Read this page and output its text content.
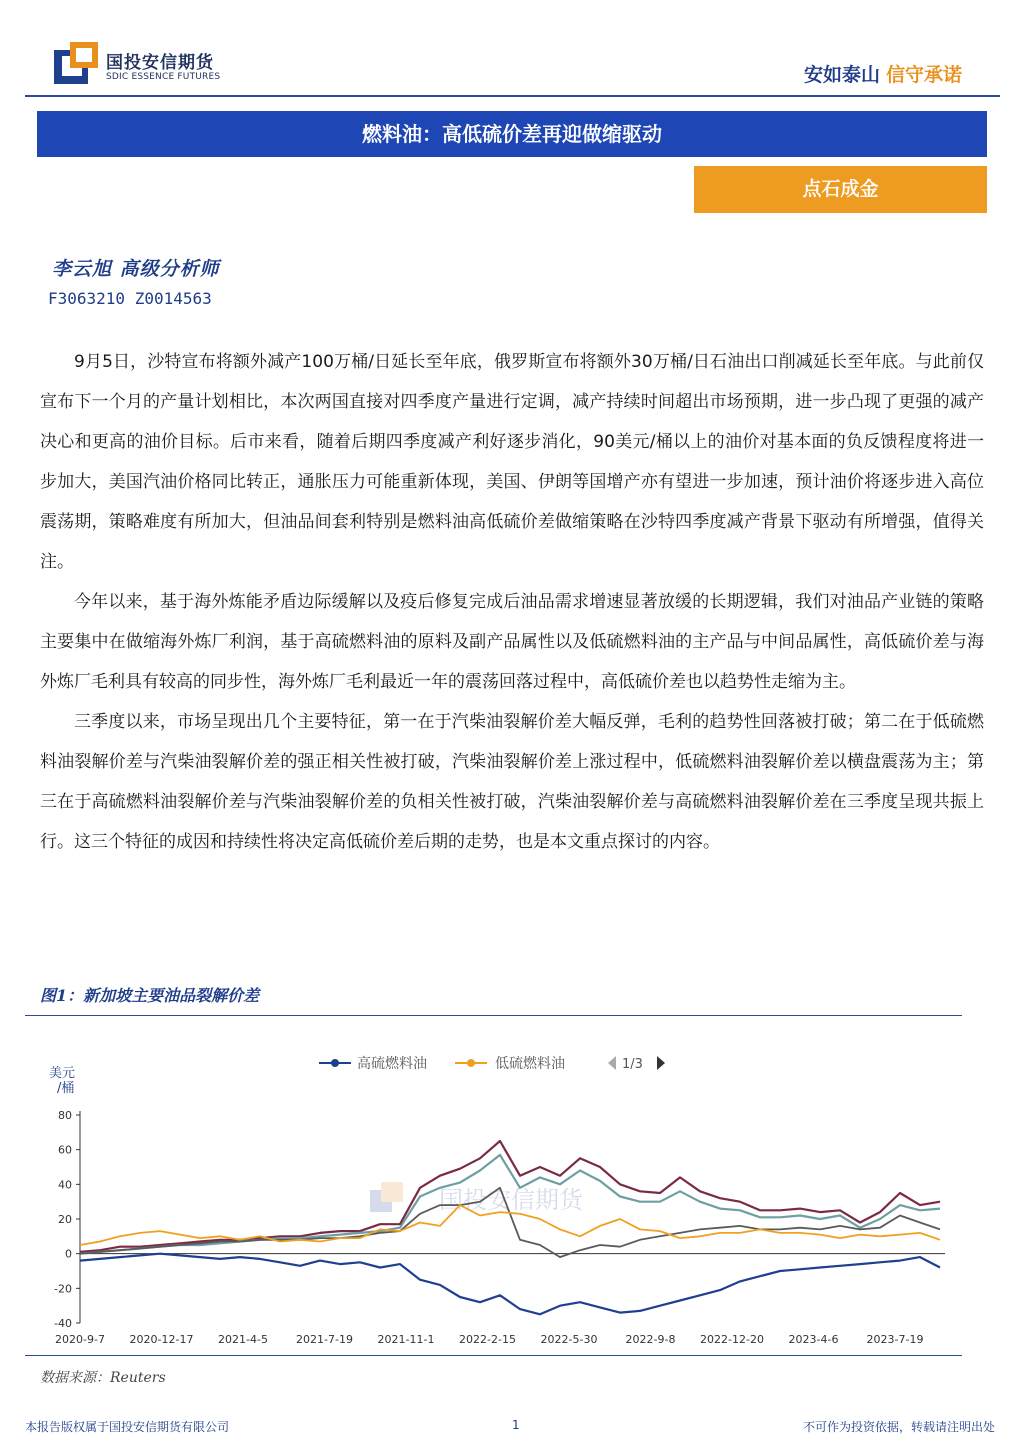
国投安信期货
SDIC ESSENCE FUTURES	安如泰山 信守承诺
燃料油：高低硫价差再迎做缩驱动
点石成金
李云旭 高级分析师
F3063210 Z0014563

9月5日，沙特宣布将额外减产100万桶/日延长至年底，俄罗斯宣布将额外30万桶/日石油出口削减延长至年底。与此前仅宣布下一个月的产量计划相比，本次两国直接对四季度产量进行定调，减产持续时间超出市场预期，进一步凸现了更强的减产决心和更高的油价目标。后市来看，随着后期四季度减产利好逐步消化，90美元/桶以上的油价对基本面的负反馈程度将进一步加大，美国汽油价格同比转正，通胀压力可能重新体现，美国、伊朗等国增产亦有望进一步加速，预计油价将逐步进入高位震荡期，策略难度有所加大，但油品间套利特别是燃料油高低硫价差做缩策略在沙特四季度减产背景下驱动有所增强，值得关注。

今年以来，基于海外炼能矛盾边际缓解以及疫后修复完成后油品需求增速显著放缓的长期逻辑，我们对油品产业链的策略主要集中在做缩海外炼厂利润，基于高硫燃料油的原料及副产品属性以及低硫燃料油的主产品与中间品属性，高低硫价差与海外炼厂毛利具有较高的同步性，海外炼厂毛利最近一年的震荡回落过程中，高低硫价差也以趋势性走缩为主。

三季度以来，市场呈现出几个主要特征，第一在于汽柴油裂解价差大幅反弹，毛利的趋势性回落被打破；第二在于低硫燃料油裂解价差与汽柴油裂解价差的强正相关性被打破，汽柴油裂解价差上涨过程中，低硫燃料油裂解价差以横盘震荡为主；第三在于高硫燃料油裂解价差与汽柴油裂解价差的负相关性被打破，汽柴油裂解价差与高硫燃料油裂解价差在三季度呈现共振上行。这三个特征的成因和持续性将决定高低硫价差后期的走势，也是本文重点探讨的内容。

图1：新加坡主要油品裂解价差
国投安信期货
美元
/桶
高硫燃料油	低硫燃料油	1/3
80
60
40
20
0
-20
-40
2020-9-7 2020-12-17 2021-4-5	2021-7-19 2021-11-1 2022-2-15 2022-5-30	2022-9-8 2022-12-20 2023-4-6	2023-7-19
数据来源：Reuters
本报告版权属于国投安信期货有限公司	1	不可作为投资依据，转载请注明出处
